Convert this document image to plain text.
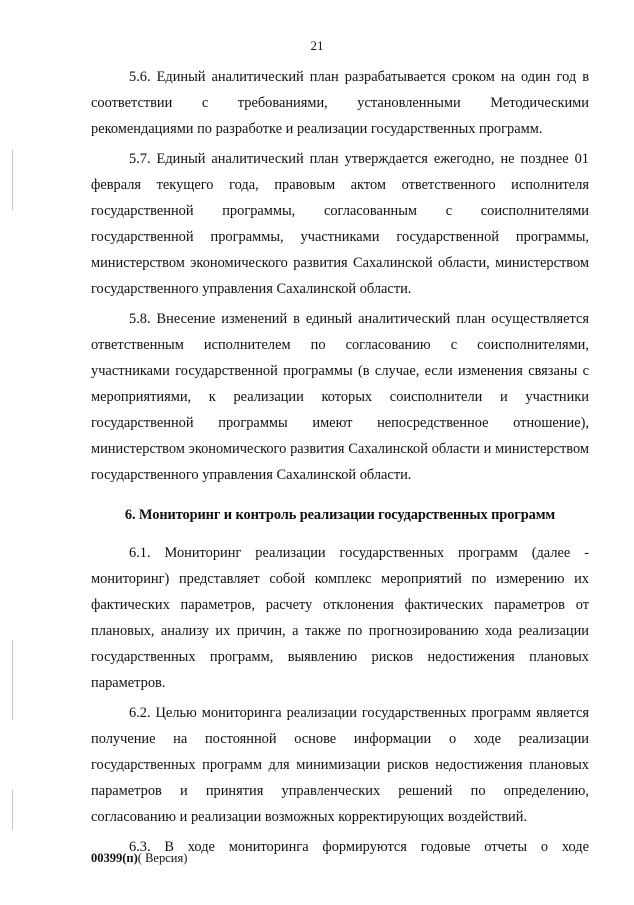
21

5.6. Единый аналитический план разрабатывается сроком на один год в соответствии с требованиями, установленными Методическими рекомендациями по разработке и реализации государственных программ.

5.7. Единый аналитический план утверждается ежегодно, не позднее 01 февраля текущего года, правовым актом ответственного исполнителя государственной программы, согласованным с соисполнителями государственной программы, участниками государственной программы, министерством экономического развития Сахалинской области, министерством государственного управления Сахалинской области.

5.8. Внесение изменений в единый аналитический план осуществляется ответственным исполнителем по согласованию с соисполнителями, участниками государственной программы (в случае, если изменения связаны с мероприятиями, к реализации которых соисполнители и участники государственной программы имеют непосредственное отношение), министерством экономического развития Сахалинской области и министерством государственного управления Сахалинской области.

6. Мониторинг и контроль реализации государственных программ

6.1. Мониторинг реализации государственных программ (далее - мониторинг) представляет собой комплекс мероприятий по измерению их фактических параметров, расчету отклонения фактических параметров от плановых, анализу их причин, а также по прогнозированию хода реализации государственных программ, выявлению рисков недостижения плановых параметров.

6.2. Целью мониторинга реализации государственных программ является получение на постоянной основе информации о ходе реализации государственных программ для минимизации рисков недостижения плановых параметров и принятия управленческих решений по определению, согласованию и реализации возможных корректирующих воздействий.

6.3. В ходе мониторинга формируются годовые отчеты о ходе

00399(п)( Версия)
